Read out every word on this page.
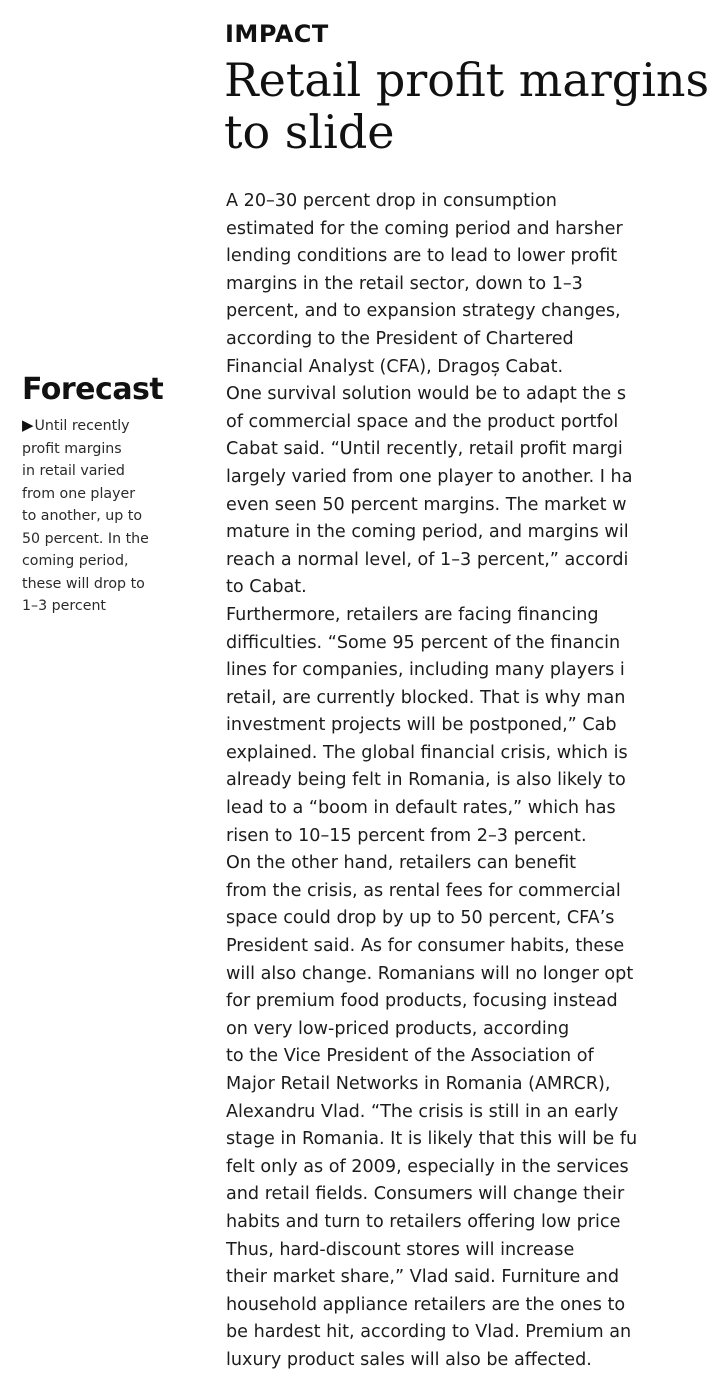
IMPACT
Retail profit margins
to slide
Forecast
▶Until recently
profit margins
in retail varied
from one player
to another, up to
50 percent. In the
coming period,
these will drop to
1–3 percent

A 20–30 percent drop in consumption
estimated for the coming period and harsher
lending conditions are to lead to lower profit
margins in the retail sector, down to 1–3
percent, and to expansion strategy changes,
according to the President of Chartered
Financial Analyst (CFA), Dragoș Cabat.
One survival solution would be to adapt the s
of commercial space and the product portfol
Cabat said. “Until recently, retail profit margi
largely varied from one player to another. I ha
even seen 50 percent margins. The market w
mature in the coming period, and margins wil
reach a normal level, of 1–3 percent,” accordi
to Cabat.
Furthermore, retailers are facing financing
difficulties. “Some 95 percent of the financin
lines for companies, including many players i
retail, are currently blocked. That is why man
investment projects will be postponed,” Cab
explained. The global financial crisis, which is
already being felt in Romania, is also likely to
lead to a “boom in default rates,” which has
risen to 10–15 percent from 2–3 percent.
On the other hand, retailers can benefit
from the crisis, as rental fees for commercial
space could drop by up to 50 percent, CFA’s
President said. As for consumer habits, these
will also change. Romanians will no longer opt
for premium food products, focusing instead
on very low-priced products, according
to the Vice President of the Association of
Major Retail Networks in Romania (AMRCR),
Alexandru Vlad. “The crisis is still in an early
stage in Romania. It is likely that this will be fu
felt only as of 2009, especially in the services
and retail fields. Consumers will change their
habits and turn to retailers offering low price
Thus, hard-discount stores will increase
their market share,” Vlad said. Furniture and
household appliance retailers are the ones to
be hardest hit, according to Vlad. Premium an
luxury product sales will also be affected.
